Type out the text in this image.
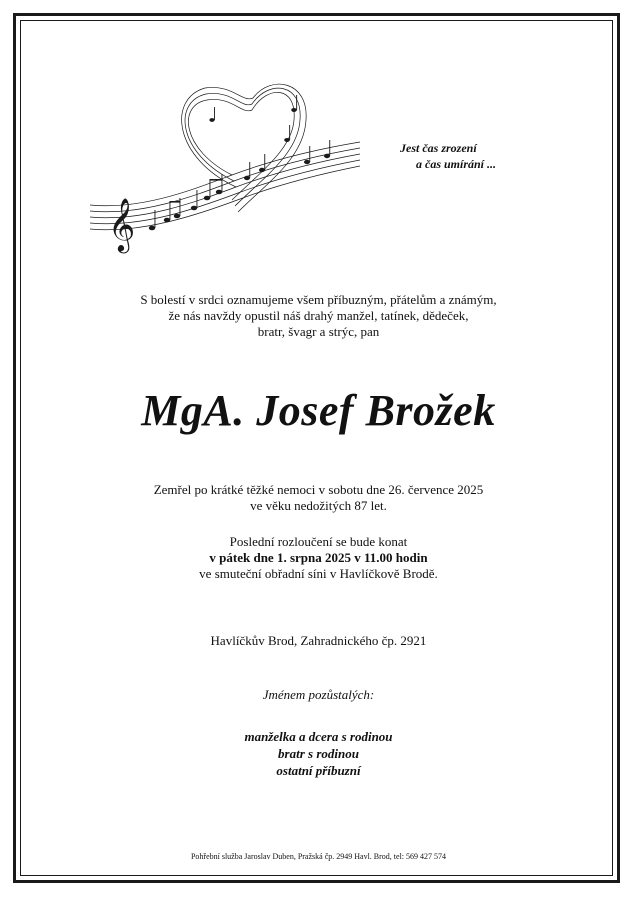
𝄞
Jest čas zrození
a čas umírání ...
S bolestí v srdci oznamujeme všem příbuzným, přátelům a známým,
že nás navždy opustil náš drahý manžel, tatínek, dědeček,
bratr, švagr a strýc, pan
MgA. Josef Brožek
Zemřel po krátké těžké nemoci v sobotu dne 26. července 2025
ve věku nedožitých 87 let.
Poslední rozloučení se bude konat
v pátek dne 1. srpna 2025 v 11.00 hodin
ve smuteční obřadní síni v Havlíčkově Brodě.
Havlíčkův Brod, Zahradnického čp. 2921
Jménem pozůstalých:
manželka a dcera s rodinou
bratr s rodinou
ostatní příbuzní
Pohřební služba Jaroslav Duben, Pražská čp. 2949 Havl. Brod, tel: 569 427 574
